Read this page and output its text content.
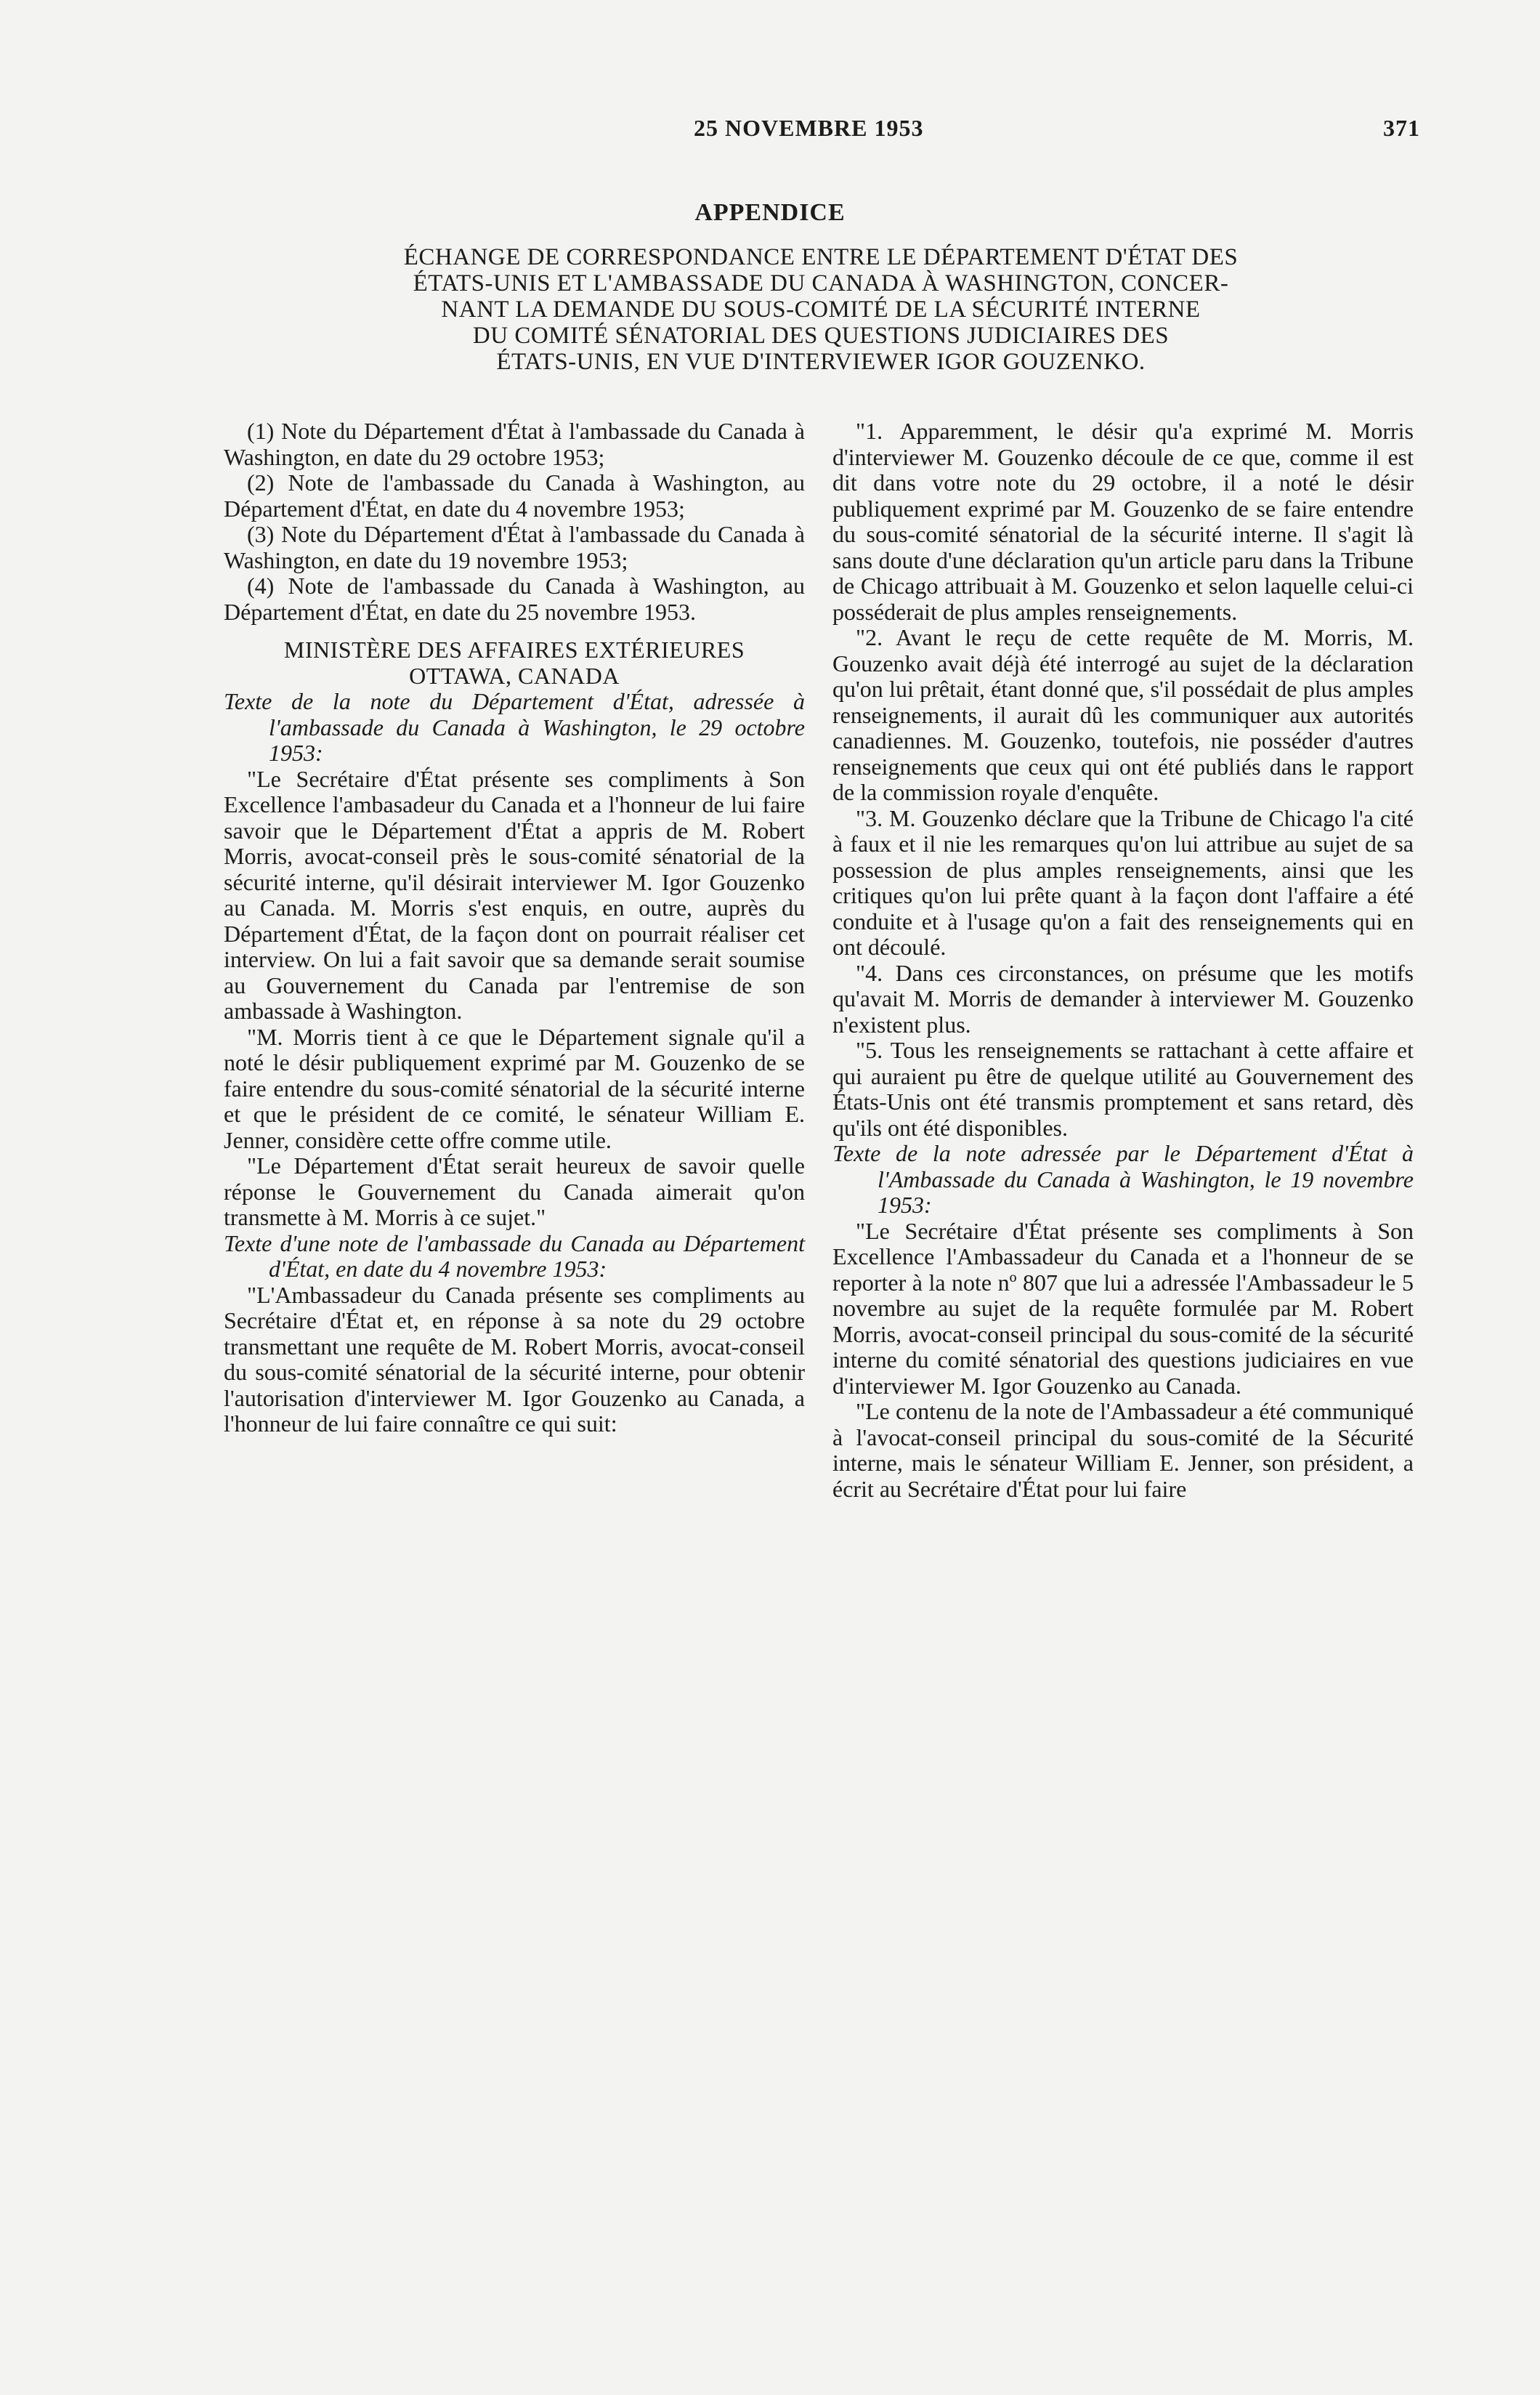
25 NOVEMBRE 1953	371
APPENDICE
ÉCHANGE DE CORRESPONDANCE ENTRE LE DÉPARTEMENT D'ÉTAT DES
ÉTATS-UNIS ET L'AMBASSADE DU CANADA À WASHINGTON, CONCER-
NANT LA DEMANDE DU SOUS-COMITÉ DE LA SÉCURITÉ INTERNE
DU COMITÉ SÉNATORIAL DES QUESTIONS JUDICIAIRES DES
ÉTATS-UNIS, EN VUE D'INTERVIEWER IGOR GOUZENKO.

(1) Note du Département d'État à l'ambassade du Canada à Washington, en date du 29 octobre 1953;

(2) Note de l'ambassade du Canada à Washington, au Département d'État, en date du 4 novembre 1953;

(3) Note du Département d'État à l'ambassade du Canada à Washington, en date du 19 novembre 1953;

(4) Note de l'ambassade du Canada à Washington, au Département d'État, en date du 25 novembre 1953.

MINISTÈRE DES AFFAIRES EXTÉRIEURES
OTTAWA, CANADA

Texte de la note du Département d'État, adressée à l'ambassade du Canada à Washington, le 29 octobre 1953:

"Le Secrétaire d'État présente ses compliments à Son Excellence l'ambasadeur du Canada et a l'honneur de lui faire savoir que le Département d'État a appris de M. Robert Morris, avocat-conseil près le sous-comité sénatorial de la sécurité interne, qu'il désirait interviewer M. Igor Gouzenko au Canada. M. Morris s'est enquis, en outre, auprès du Département d'État, de la façon dont on pourrait réaliser cet interview. On lui a fait savoir que sa demande serait soumise au Gouvernement du Canada par l'entremise de son ambassade à Washington.

"M. Morris tient à ce que le Département signale qu'il a noté le désir publiquement exprimé par M. Gouzenko de se faire entendre du sous-comité sénatorial de la sécurité interne et que le président de ce comité, le sénateur William E. Jenner, considère cette offre comme utile.

"Le Département d'État serait heureux de savoir quelle réponse le Gouvernement du Canada aimerait qu'on transmette à M. Morris à ce sujet."

Texte d'une note de l'ambassade du Canada au Département d'État, en date du 4 novembre 1953:

"L'Ambassadeur du Canada présente ses compliments au Secrétaire d'État et, en réponse à sa note du 29 octobre transmettant une requête de M. Robert Morris, avocat-conseil du sous-comité sénatorial de la sécurité interne, pour obtenir l'autorisation d'interviewer M. Igor Gouzenko au Canada, a l'honneur de lui faire connaître ce qui suit:

"1. Apparemment, le désir qu'a exprimé M. Morris d'interviewer M. Gouzenko découle de ce que, comme il est dit dans votre note du 29 octobre, il a noté le désir publiquement exprimé par M. Gouzenko de se faire entendre du sous-comité sénatorial de la sécurité interne. Il s'agit là sans doute d'une déclaration qu'un article paru dans la Tribune de Chicago attribuait à M. Gouzenko et selon laquelle celui-ci posséderait de plus amples renseignements.

"2. Avant le reçu de cette requête de M. Morris, M. Gouzenko avait déjà été interrogé au sujet de la déclaration qu'on lui prêtait, étant donné que, s'il possédait de plus amples renseignements, il aurait dû les communiquer aux autorités canadiennes. M. Gouzenko, toutefois, nie posséder d'autres renseignements que ceux qui ont été publiés dans le rapport de la commission royale d'enquête.

"3. M. Gouzenko déclare que la Tribune de Chicago l'a cité à faux et il nie les remarques qu'on lui attribue au sujet de sa possession de plus amples renseignements, ainsi que les critiques qu'on lui prête quant à la façon dont l'affaire a été conduite et à l'usage qu'on a fait des renseignements qui en ont découlé.

"4. Dans ces circonstances, on présume que les motifs qu'avait M. Morris de demander à interviewer M. Gouzenko n'existent plus.

"5. Tous les renseignements se rattachant à cette affaire et qui auraient pu être de quelque utilité au Gouvernement des États-Unis ont été transmis promptement et sans retard, dès qu'ils ont été disponibles.

Texte de la note adressée par le Département d'État à l'Ambassade du Canada à Washington, le 19 novembre 1953:

"Le Secrétaire d'État présente ses compliments à Son Excellence l'Ambassadeur du Canada et a l'honneur de se reporter à la note nº 807 que lui a adressée l'Ambassadeur le 5 novembre au sujet de la requête formulée par M. Robert Morris, avocat-conseil principal du sous-comité de la sécurité interne du comité sénatorial des questions judiciaires en vue d'interviewer M. Igor Gouzenko au Canada.

"Le contenu de la note de l'Ambassadeur a été communiqué à l'avocat-conseil principal du sous-comité de la Sécurité interne, mais le sénateur William E. Jenner, son président, a écrit au Secrétaire d'État pour lui faire
